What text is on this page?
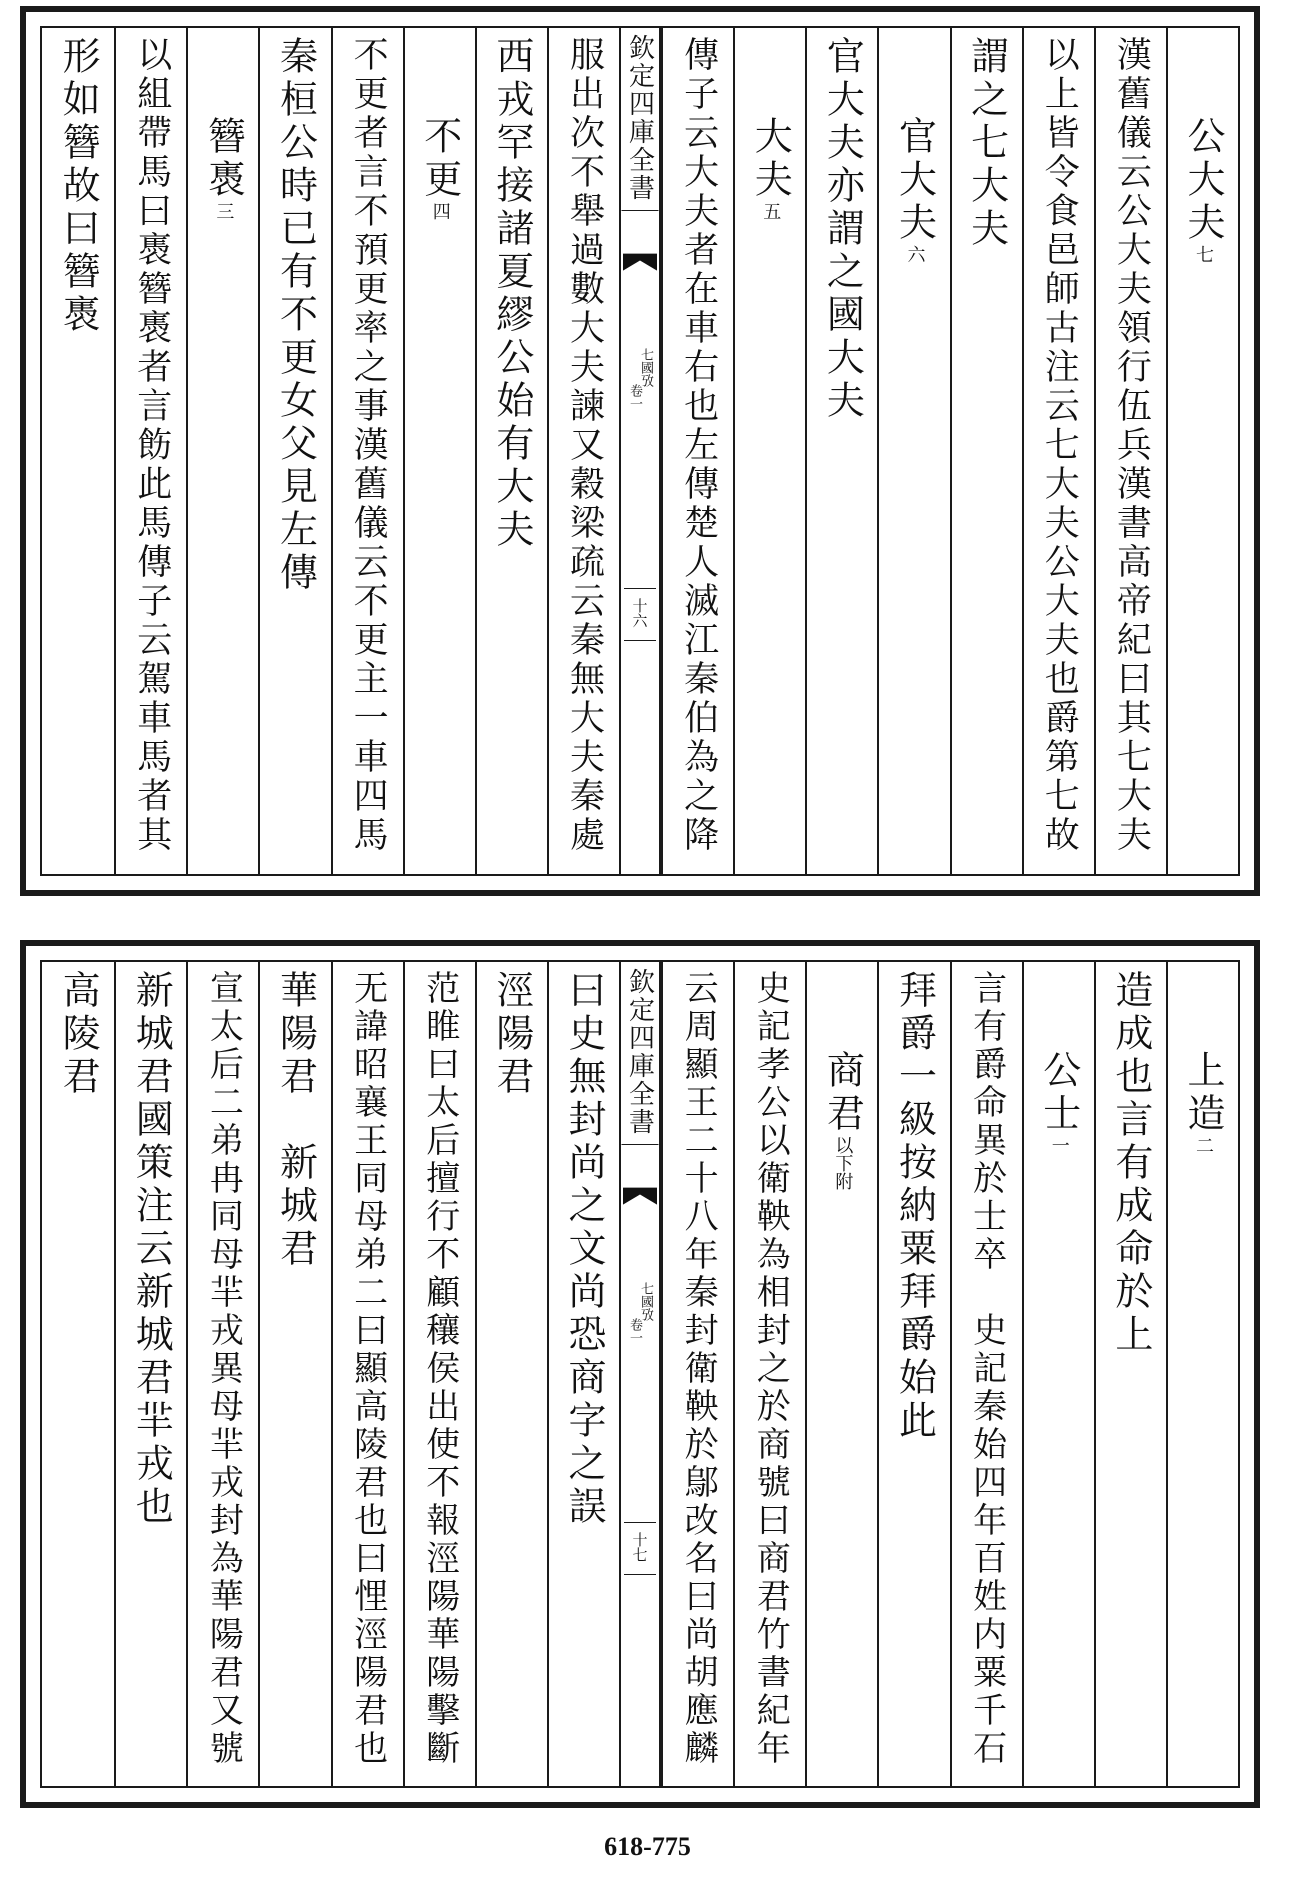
公大夫七
漢舊儀云公大夫領行伍兵漢書高帝紀曰其七大夫
以上皆令食邑師古注云七大夫公大夫也爵第七故
謂之七大夫
官大夫六
官大夫亦謂之國大夫
大夫五
傳子云大夫者在車右也左傳楚人滅江秦伯為之降
欽定四庫全書
七國攷
卷一
十六
服出次不舉過數大夫諫又穀梁疏云秦無大夫秦處
西戎罕接諸夏繆公始有大夫
不更四
不更者言不預更率之事漢舊儀云不更主一車四馬
秦桓公時已有不更女父見左傳
簪褭三
以組帶馬曰褭簪褭者言飭此馬傳子云駕車馬者其
形如簪故曰簪褭
上造二
造成也言有成命於上
公士一
言有爵命異於士卒　史記秦始四年百姓内粟千石
拜爵一級按納粟拜爵始此
商君以下附
史記孝公以衛鞅為相封之於商號曰商君竹書紀年
云周顯王二十八年秦封衛鞅於鄔改名曰尚胡應麟
欽定四庫全書
七國攷
卷一
十七
曰史無封尚之文尚恐商字之誤
涇陽君
范睢曰太后擅行不顧穰侯出使不報涇陽華陽擊斷
无諱昭襄王同母弟二曰顯高陵君也曰悝涇陽君也
華陽君　新城君
宣太后二弟冉同母羋戎異母羋戎封為華陽君又號
新城君國策注云新城君羋戎也
高陵君
618-775
